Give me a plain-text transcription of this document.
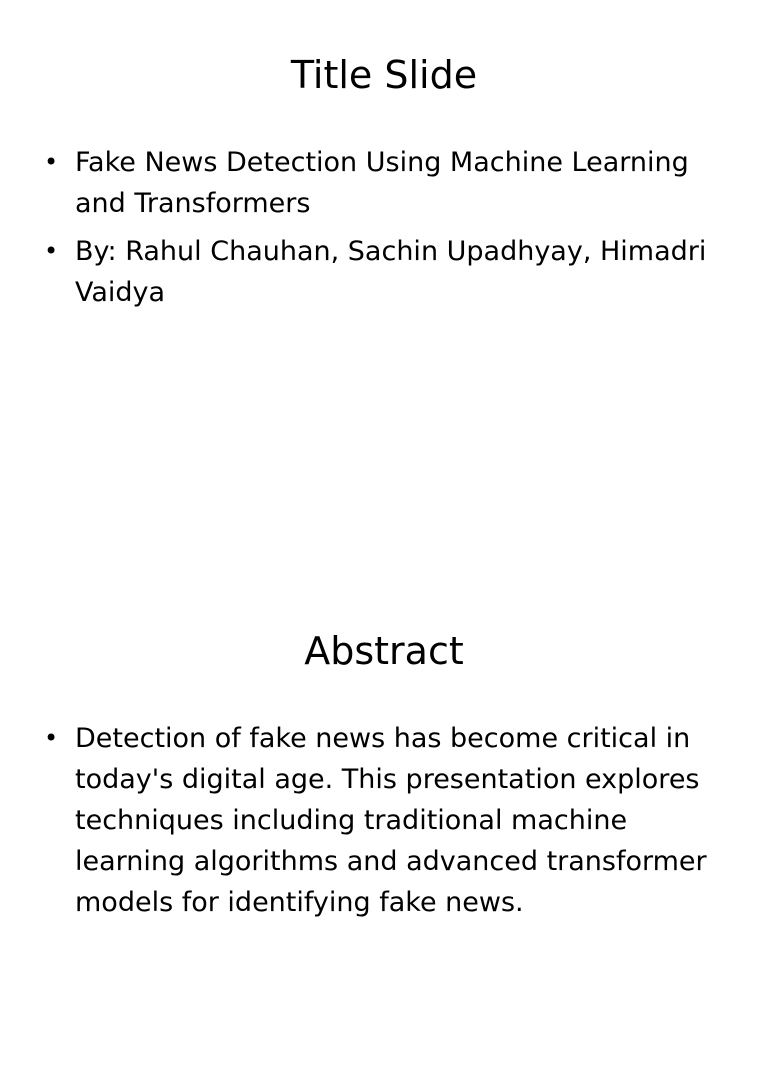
Title Slide
• Fake News Detection Using Machine Learning and Transformers
• By: Rahul Chauhan, Sachin Upadhyay, Himadri Vaidya
Abstract
• Detection of fake news has become critical in today's digital age. This presentation explores techniques including traditional machine learning algorithms and advanced transformer models for identifying fake news.
